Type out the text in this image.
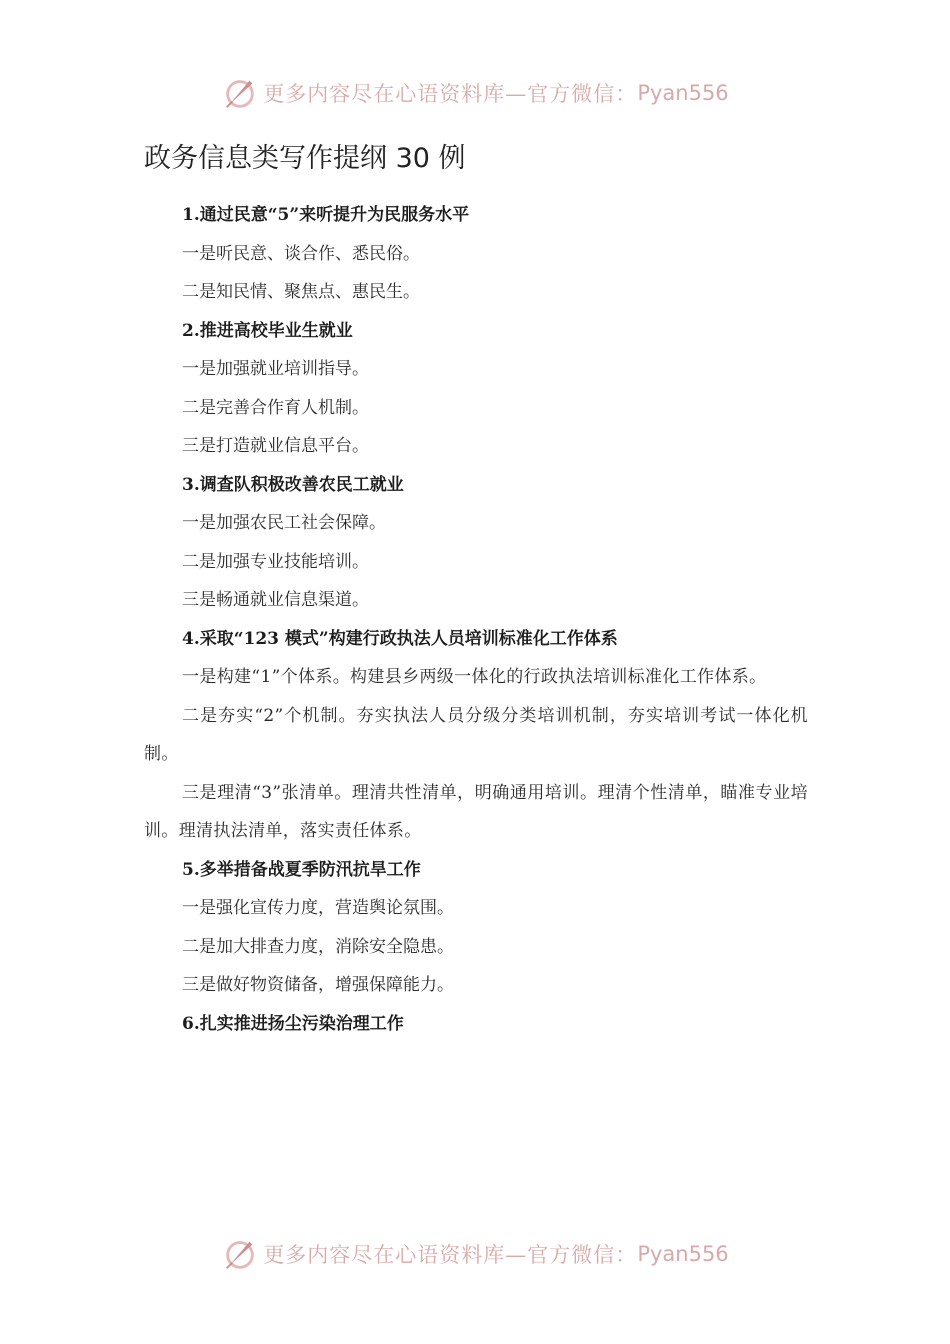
更多内容尽在心语资料库—官方微信： Pyan556
政务信息类写作提纲 30 例
1.通过民意“5”来听提升为民服务水平
一是听民意、谈合作、悉民俗。
二是知民情、聚焦点、惠民生。
2.推进高校毕业生就业
一是加强就业培训指导。
二是完善合作育人机制。
三是打造就业信息平台。
3.调查队积极改善农民工就业
一是加强农民工社会保障。
二是加强专业技能培训。
三是畅通就业信息渠道。
4.采取“123 模式”构建行政执法人员培训标准化工作体系
一是构建“1”个体系。构建县乡两级一体化的行政执法培训标准化工作体系。
二是夯实“2”个机制。夯实执法人员分级分类培训机制，夯实培训考试一体化机制。
三是理清“3”张清单。理清共性清单，明确通用培训。理清个性清单，瞄准专业培训。理清执法清单，落实责任体系。
5.多举措备战夏季防汛抗旱工作
一是强化宣传力度，营造舆论氛围。
二是加大排查力度，消除安全隐患。
三是做好物资储备，增强保障能力。
6.扎实推进扬尘污染治理工作
更多内容尽在心语资料库—官方微信： Pyan556
